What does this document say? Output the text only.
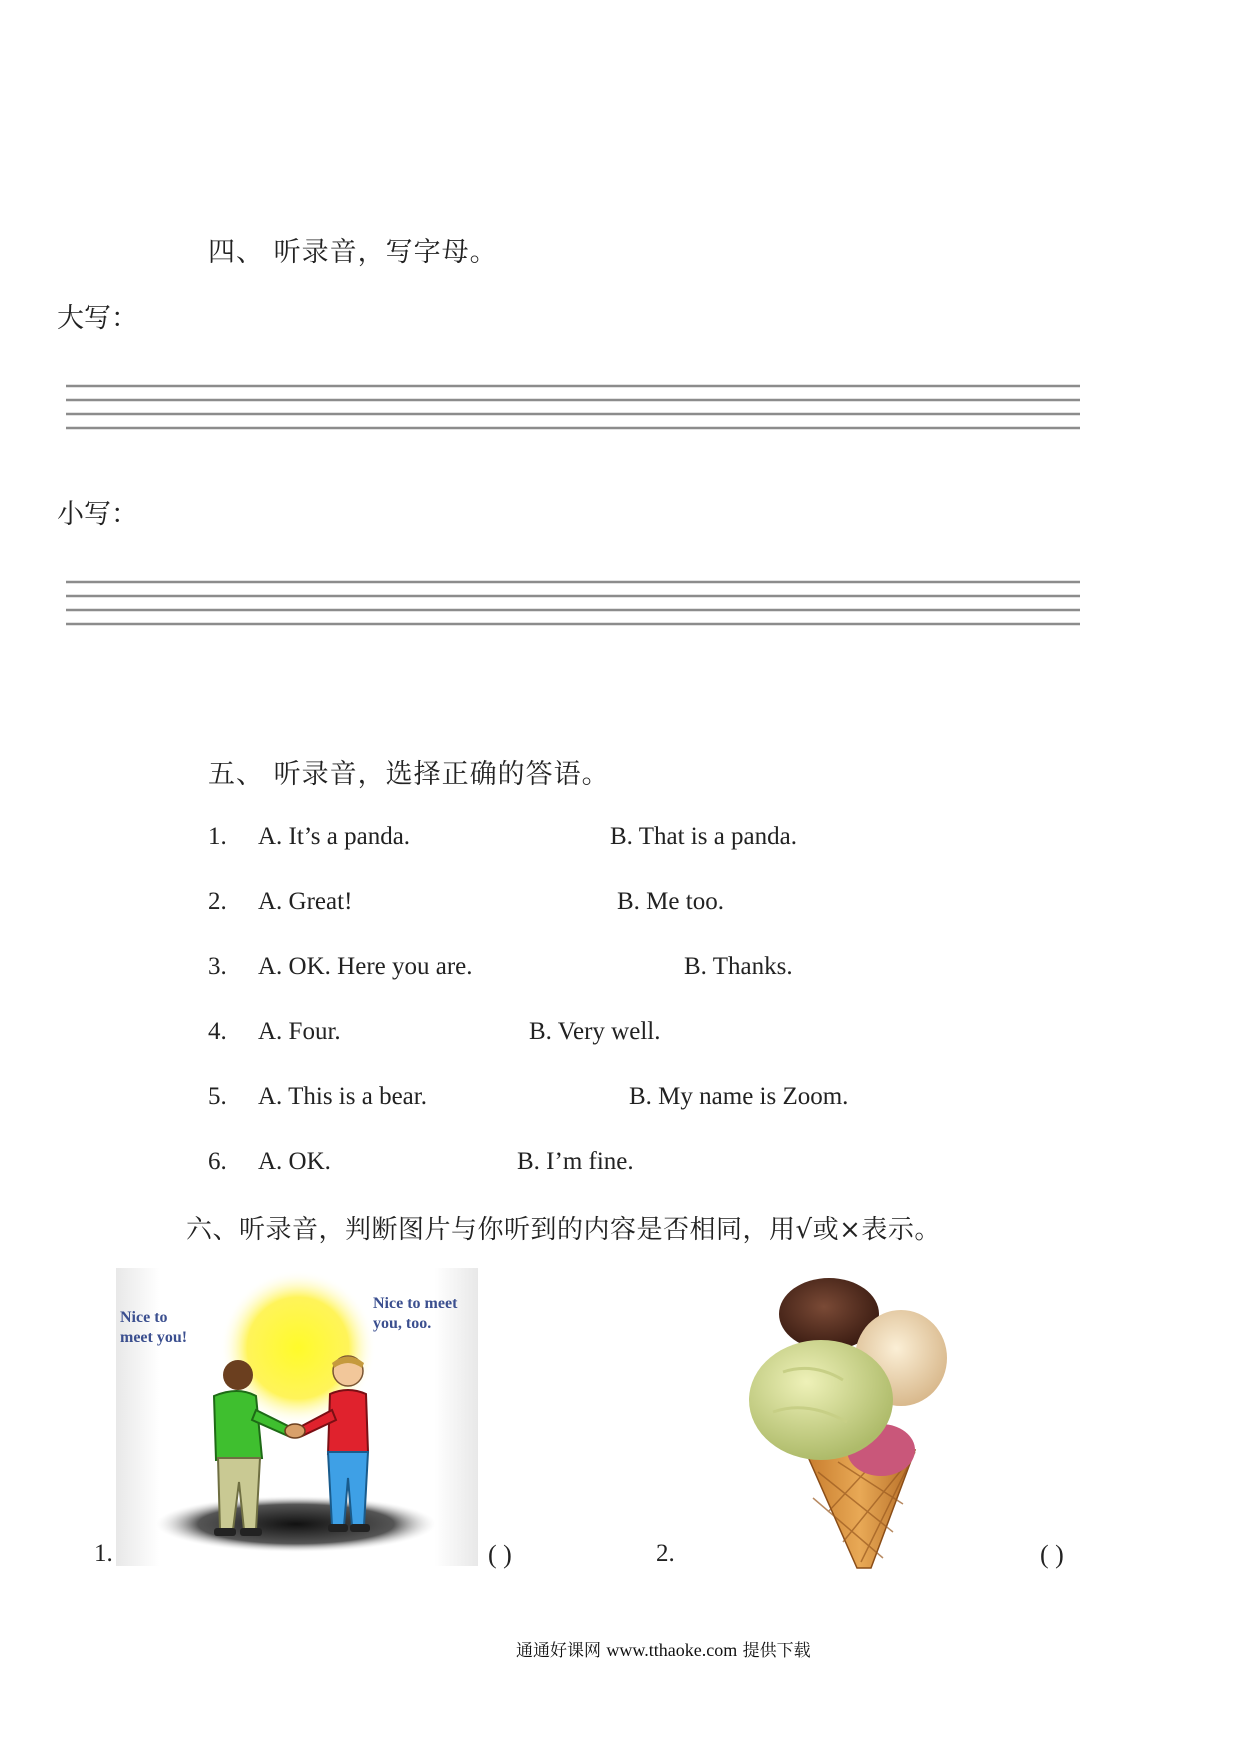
四、 听录音，写字母。
大写：
小写：
五、 听录音，选择正确的答语。
1. A. It’s a panda.	B. That is a panda.
2. A. Great!	B. Me too.
3. A. OK. Here you are.	B. Thanks.
4. A. Four.	B. Very well.
5. A. This is a bear.	B. My name is Zoom.
6. A. OK.	B. I’m fine.
六、听录音，判断图片与你听到的内容是否相同，用√或×表示。
Nice to meet you!
Nice to meet you, too.
1.	( )	2.	( )
通通好课网 www.tthaoke.com 提供下载
